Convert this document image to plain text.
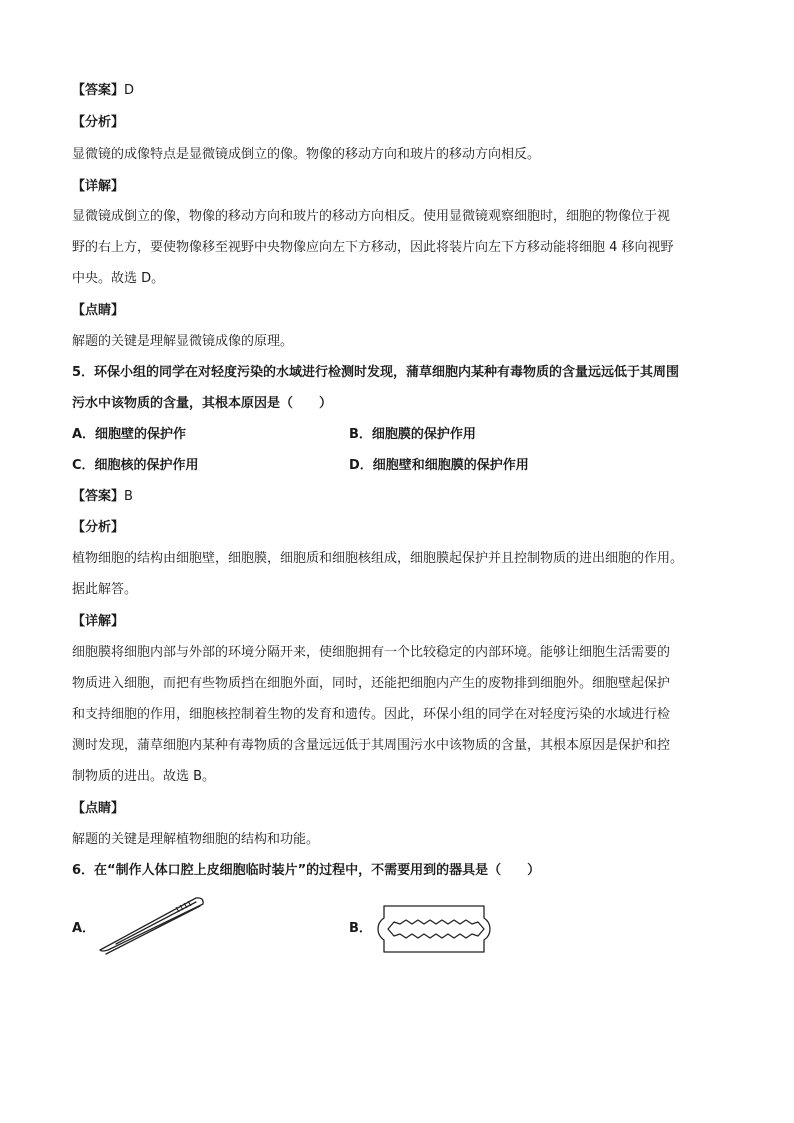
【答案】D
【分析】
显微镜的成像特点是显微镜成倒立的像。物像的移动方向和玻片的移动方向相反。
【详解】
显微镜成倒立的像，物像的移动方向和玻片的移动方向相反。使用显微镜观察细胞时，细胞的物像位于视
野的右上方，要使物像移至视野中央物像应向左下方移动，因此将装片向左下方移动能将细胞 4 移向视野
中央。故选 D。
【点睛】
解题的关键是理解显微镜成像的原理。
5．环保小组的同学在对轻度污染的水域进行检测时发现，蒲草细胞内某种有毒物质的含量远远低于其周围
污水中该物质的含量，其根本原因是（　　）
A．细胞壁的保护作	B．细胞膜的保护作用
C．细胞核的保护作用	D．细胞壁和细胞膜的保护作用
【答案】B
【分析】
植物细胞的结构由细胞壁，细胞膜，细胞质和细胞核组成，细胞膜起保护并且控制物质的进出细胞的作用。
据此解答。
【详解】
细胞膜将细胞内部与外部的环境分隔开来，使细胞拥有一个比较稳定的内部环境。能够让细胞生活需要的
物质进入细胞，而把有些物质挡在细胞外面，同时，还能把细胞内产生的废物排到细胞外。细胞壁起保护
和支持细胞的作用，细胞核控制着生物的发育和遗传。因此，环保小组的同学在对轻度污染的水域进行检
测时发现，蒲草细胞内某种有毒物质的含量远远低于其周围污水中该物质的含量，其根本原因是保护和控
制物质的进出。故选 B。
【点睛】
解题的关键是理解植物细胞的结构和功能。
6．在“制作人体口腔上皮细胞临时装片”的过程中，不需要用到的器具是（　　）
A．	B．
